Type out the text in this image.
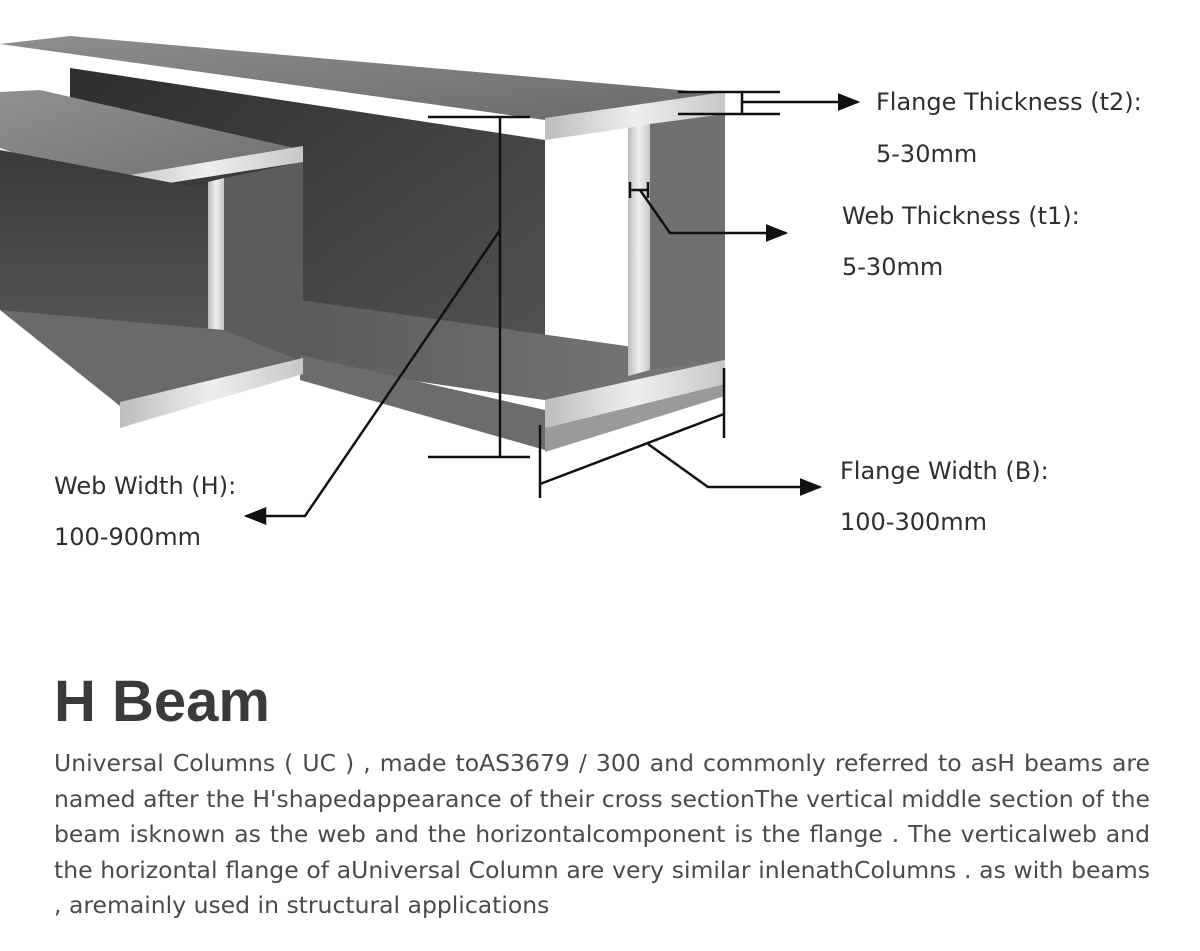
Flange Thickness (t2):
5-30mm
Web Thickness (t1):
5-30mm
Web Width (H):
100-900mm
Flange Width (B):
100-300mm
H Beam

Universal Columns ( UC ) , made toAS3679 / 300 and commonly referred to asH beams are named after the H'shapedappearance of their cross sectionThe vertical middle section of the beam isknown as the web and the horizontalcomponent is the flange . The verticalweb and the horizontal flange of aUniversal Column are very similar inlenathColumns . as with beams , aremainly used in structural applications
